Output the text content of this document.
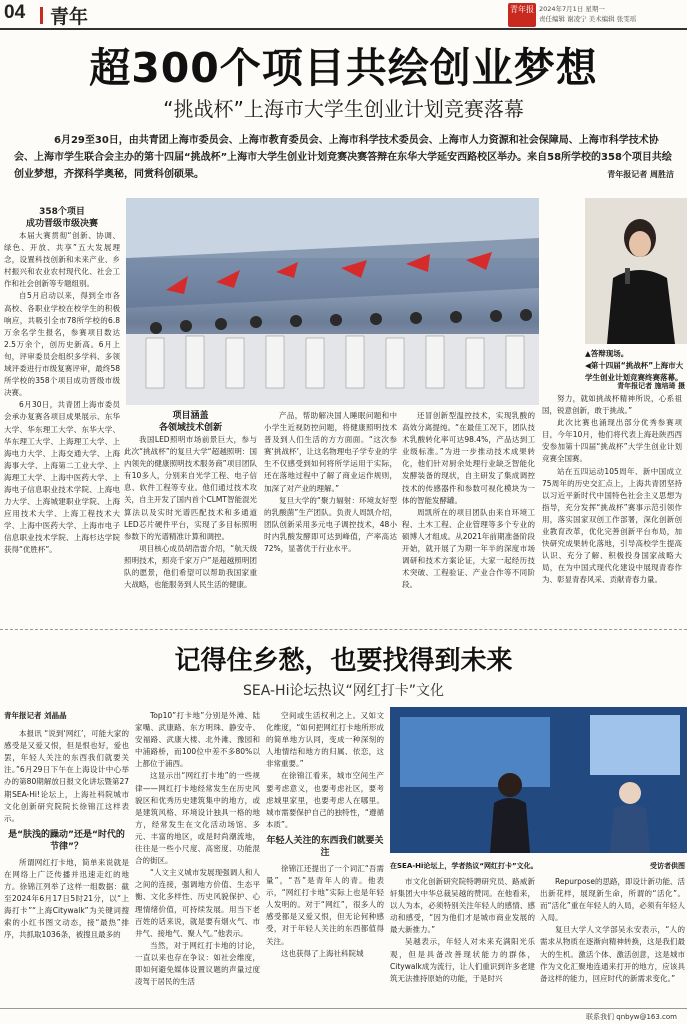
04 青年	青年报 2024年7月1日 星期一
责任编辑 谢凌宁 美术编辑 张雯瑶
超300个项目共绘创业梦想
“挑战杯”上海市大学生创业计划竞赛落幕
6月29至30日，由共青团上海市委员会、上海市教育委员会、上海市科学技术委员会、上海市人力资源和社会保障局、上海市科学技术协会、上海市学生联合会主办的第十四届“挑战杯”上海市大学生创业计划竞赛决赛答辩在东华大学延安西路校区举办。来自58所学校的358个项目共绘创业梦想，齐探科学奥秘，同赏科创硕果。	青年报记者 周胜洁
358个项目
成功晋级市级决赛

本届大赛贯彻“创新、协调、绿色、开放、共享”五大发展理念，设置科技创新和未来产业、乡村振兴和农业农村现代化、社会工作和社会创新等专题组别。

自5月启动以来，得到全市各高校、各职业学校在校学生的积极响应，共吸引全市78所学校的6.8万余名学生报名，参赛项目数达2.5万余个，创历史新高。6月上旬，评审委员会组织多学科、多领域评委进行市级复赛评审，最终58所学校的358个项目成功晋级市级决赛。

6月30日，共青团上海市委员会承办复赛各项目成果展示、东华大学、华东理工大学、东华大学、华东理工大学、上海理工大学、上海电力大学、上海交通大学、上海海事大学、上海第二工业大学、上海理工大学、上海中医药大学、上海电子信息职业技术学院、上海电力大学、上海城建职业学院、上海应用技术大学、上海工程技术大学、上海中医药大学、上海市电子信息职业技术学院、上海杉达学院获得“优胜杯”。

项目涵盖
各领域技术创新

我国LED照明市场前景巨大，参与此次“挑战杯”的复旦大学“超越照明：国内领先的健康照明技术服务商”项目团队有10多人，分别来自光学工程、电子信息、软件工程等专业。他们通过技术攻关，自主开发了国内首个CLMT智能混光算法以及实时光谱匹配技术和多通道LED芯片硬件平台，实现了多目标照明参数下的光谱精准计算和调控。

项目核心成员胡浩雷介绍，“航天级照明技术，照亮千家万户”是超越照明团队的愿景，他们希望可以帮助我国家重大战略，也能服务到人民生活的健康。

产品，帮助解决国人睡眠问题和中小学生近视防控问题，将健康照明技术普及到人们生活的方方面面。“这次参赛‘挑战杯’，让这名物理电子学专业的学生不仅感受到如何将所学运用于实际，还在落地过程中了解了商业运作规则，加深了对产业的理解。”

复旦大学的“聚力辐射：环境友好型的乳酸菌”生产团队。负责人周凯介绍，团队创新采用多元电子调控技术，48小时内乳酸发酵即可达到峰值，产率高达72%，显著优于行业水平。

还冒创新型温控技术，实现乳酸的高效分离提纯。“在最佳工况下，团队技术乳酸转化率可达98.4%，产品达到工业级标准。”为进一步推动技术成果转化，他们针对厨余处理行业缺乏智能化发酵装备的现状，自主研发了集成调控技术的传感器件和参数可视化模块为一体的智能发酵罐。

周凯所在的项目团队由来自环境工程、土木工程、企业管理等多个专业的硕博人才组成。从2021年前期准备阶段开始，就开展了为期一年半的深度市场调研和技术方案论证，大家一起经历技术突破、工程验证、产业合作等不同阶段。

▲答辩现场。
◀第十四届“挑战杯”上海市大学生创业计划竞赛终赛落幕。
青年报记者 施培琦 摄

努力，就如挑战杯精神所说，心系祖国，锐意创新，敢于挑战。”

此次比赛也涌现出部分优秀参赛项目，今年10月，他们将代表上海赴陕西西安参加第十四届“挑战杯”大学生创业计划竞赛全国赛。

站在五四运动105周年、新中国成立75周年的历史交汇点上，上海共青团坚持以习近平新时代中国特色社会主义思想为指导，充分发挥“挑战杯”赛事示范引领作用，落实国家双创工作部署，深化创新创业教育改革，优化完善创新平台布局，加快研究成果转化落地，引导高校学生提高认识、充分了解、积极投身国家战略大局，在为中国式现代化建设中展现青春作为、彰显青春风采、贡献青春力量。

记得住乡愁，也要找得到未来
SEA-Hi论坛热议“网红打卡”文化
青年报记者 刘晶晶

本报讯 “说到‘网红’，可能大家的感受是又爱又恨，但是恨也好，爱也罢，年轻人关注的东西我们就要关注。”6月29日下午在上海设计中心举办的第80期解放日报文化讲坛暨第27期SEA-Hi!论坛上，上海社科院城市文化创新研究院院长徐锦江这样表示。

是“肤浅的躁动”还是“时代的节律”？

所谓网红打卡地，简单来说就是在网络上广泛传播并迅速走红的地方。徐锦江列举了这样一组数据：截至2024年6月17日5时21分，以“上海打卡”“上海Citywalk”为关键词搜索的小红书图文动态，接“最热”排序，共抓取1036条，被搜且最多的

Top10”打卡地”分别是外滩、陆家嘴、武康路、东方明珠、静安寺、安福路、武康大楼、北外滩、豫园和中浦路桥，而100位中差不多80%以上都位于浦西。

这显示出“网红打卡地”的一些规律——网红打卡地经常发生在历史风貌区和优秀历史建筑集中的地方，或是建筑风格、环境设计独具一格的地方，经常发生在文化活动场馆、多元、丰富的地区，或是时尚潮流地，往往是一些小尺度、高密度、功能混合的街区。

“人文主义城市发展现强调人和人之间的连接，强调地方价值、生态平衡、文化多样性、历史风貌保护、心理情绪价值，可持续发展。用当下老百姓的话来说，就是要有烟火气、市井气、接地气、聚人气。”他表示。

当然，对于网红打卡地的讨论，一直以来也存在争议：如社会维度，即如何避免媒体设置议题的声量过度凌驾于居民的生活

空间或生活权利之上。又如文化维度，“如何把网红打卡地所形成的简单地方认同，变成一种深刻的人地情结和地方的归属、依恋，这非常重要。”

在徐锦江看来，城市空间生产要考虑意义，也要考虑社区，要考虑城里家里，也要考虑人在哪里。城市需要保护自己的独特性，“遵循本质”。

年轻人关注的东西我们就要关注

徐锦江还提出了一个词汇“吾需量”，“吾”是青年人的青。他表示，“网红打卡地”实际上也是年轻人发明的。对于“网红”，很多人的感受都是又爱又恨，但无论何种感受，对于年轻人关注的东西都值得关注。

这也获得了上海社科院城

在SEA-Hi论坛上，学者热议“网红打卡”文化。	受访者供图

市文化创新研究院特聘研究员、路威新轩集团大中华总裁吴越的赞同。在他看来，以人为本，必须特别关注年轻人的感情、感动和感受，“因为他们才是城市商业发展的最大新推力。”

吴越表示，年轻人对未来充满阳光乐观，但是具备改善现状能力的群体，Citywalk成为流行，让人们重识到许多老建筑无法推持原始的功能，于是时兴

Repurpose的思路，即设计新功能、活出新花样，展现新生命，所谓的“活化”。而“活化”重在年轻人的入局，必须有年轻人入局。

复旦大学人文学部吴永安表示，“人的需求从物质在逐渐向精神转换，这是我们最大的生机。激活个体、激活创意，这是城市作为文化汇聚地连通来打开的地方，应该具备这样的能力，回应时代的新需求变化。”

联系我们 qnbyw@163.com
